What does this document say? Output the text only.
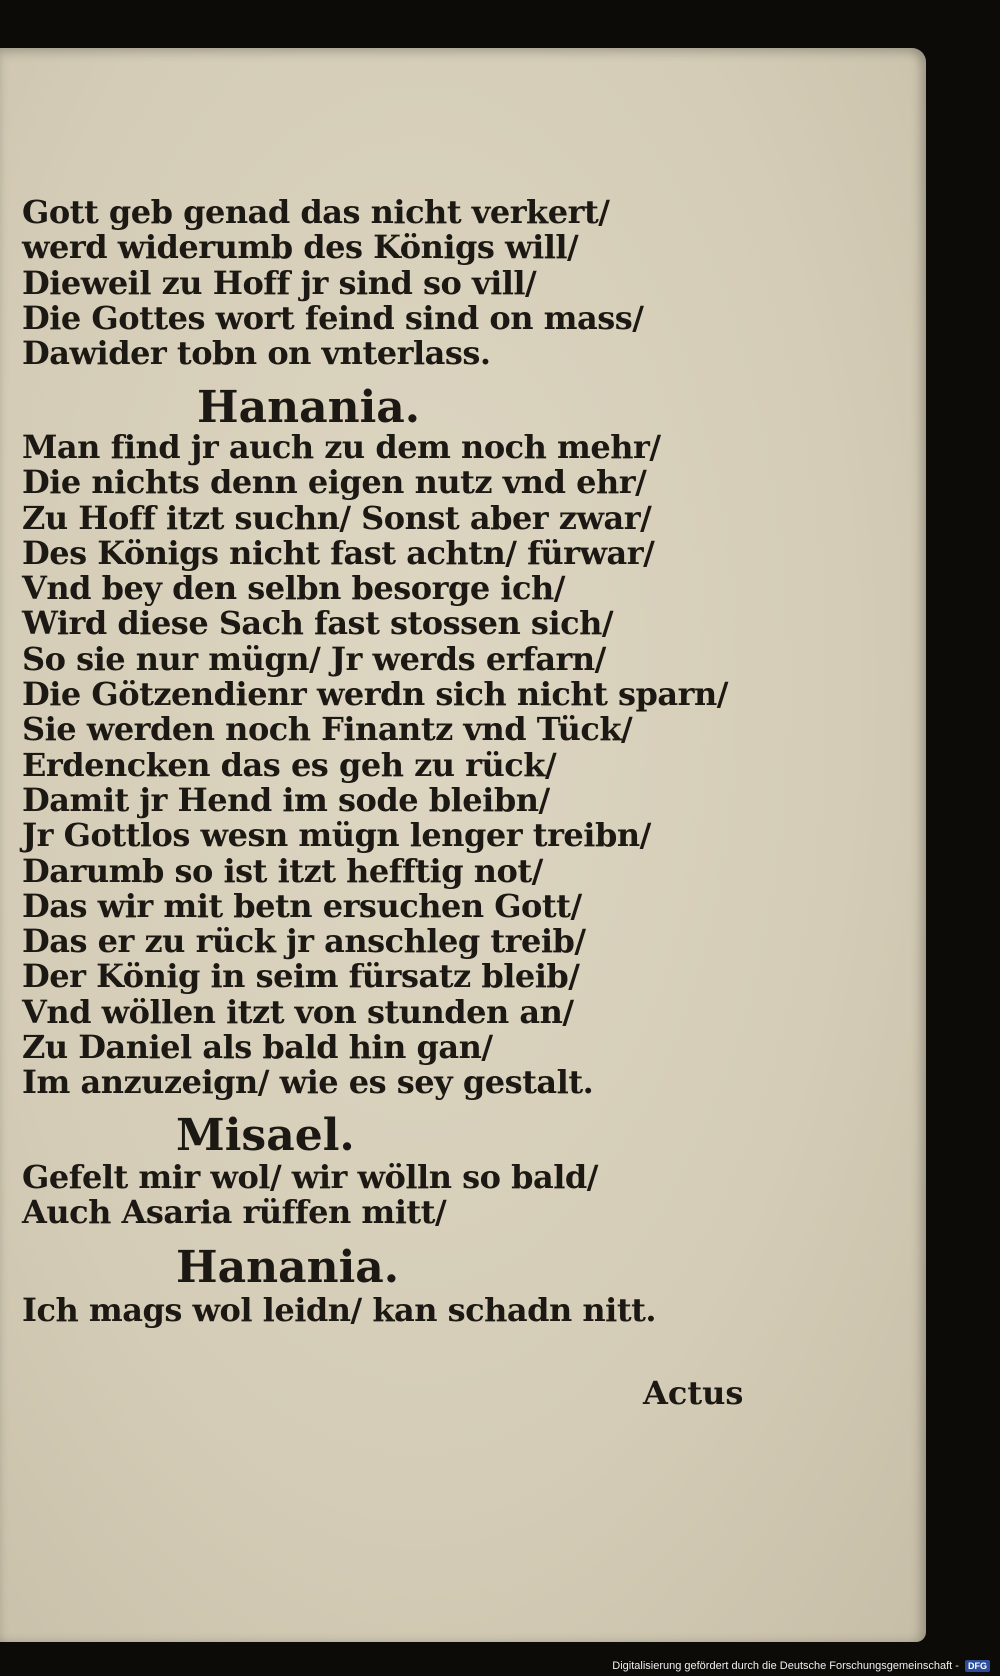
Gott geb genad das nicht verkert/
werd widerumb des Königs will/
Dieweil zu Hoff jr sind so vill/
Die Gottes wort feind sind on mass/
Dawider tobn on vnterlass.
Hanania.
Man find jr auch zu dem noch mehr/
Die nichts denn eigen nutz vnd ehr/
Zu Hoff itzt suchn/ Sonst aber zwar/
Des Königs nicht fast achtn/ fürwar/
Vnd bey den selbn besorge ich/
Wird diese Sach fast stossen sich/
So sie nur mügn/ Jr werds erfarn/
Die Götzendienr werdn sich nicht sparn/
Sie werden noch Finantz vnd Tück/
Erdencken das es geh zu rück/
Damit jr Hend im sode bleibn/
Jr Gottlos wesn mügn lenger treibn/
Darumb so ist itzt hefftig not/
Das wir mit betn ersuchen Gott/
Das er zu rück jr anschleg treib/
Der König in seim fürsatz bleib/
Vnd wöllen itzt von stunden an/
Zu Daniel als bald hin gan/
Im anzuzeign/ wie es sey gestalt.
Misael.
Gefelt mir wol/ wir wölln so bald/
Auch Asaria rüffen mitt/
Hanania.
Ich mags wol leidn/ kan schadn nitt.
Actus
Digitalisierung gefördert durch die Deutsche Forschungsgemeinschaft - DFG
